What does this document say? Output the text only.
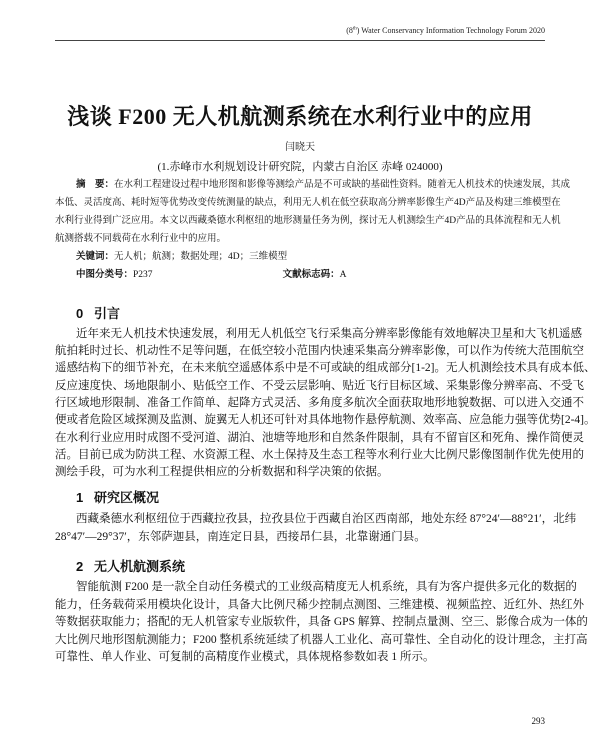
(8th) Water Conservancy Information Technology Forum 2020
浅谈 F200 无人机航测系统在水利行业中的应用
闫晓天
(1.赤峰市水利规划设计研究院，内蒙古自治区 赤峰 024000)
摘　要：在水利工程建设过程中地形图和影像等测绘产品是不可或缺的基础性资料。随着无人机技术的快速发展，其成
本低、灵活度高、耗时短等优势改变传统测量的缺点，利用无人机在低空获取高分辨率影像生产4D产品及构建三维模型在
水利行业得到广泛应用。本文以西藏桑德水利枢纽的地形测量任务为例，探讨无人机测绘生产4D产品的具体流程和无人机
航测搭载不同载荷在水利行业中的应用。
关键词：无人机；航测；数据处理；4D；三维模型
中图分类号：P237	文献标志码：A
0 引言
近年来无人机技术快速发展，利用无人机低空飞行采集高分辨率影像能有效地解决卫星和大飞机遥感
航拍耗时过长、机动性不足等问题，在低空较小范围内快速采集高分辨率影像，可以作为传统大范围航空
遥感结构下的细节补充，在未来航空遥感体系中是不可或缺的组成部分[1-2]。无人机测绘技术具有成本低、
反应速度快、场地限制小、贴低空工作、不受云层影响、贴近飞行目标区域、采集影像分辨率高、不受飞
行区域地形限制、准备工作简单、起降方式灵活、多角度多航次全面获取地形地貌数据、可以进入交通不
便或者危险区域探测及监测、旋翼无人机还可针对具体地物作悬停航测、效率高、应急能力强等优势[2-4]。
在水利行业应用时成图不受河道、湖泊、池塘等地形和自然条件限制，具有不留盲区和死角、操作简便灵
活。目前已成为防洪工程、水资源工程、水土保持及生态工程等水利行业大比例尺影像图制作优先使用的
测绘手段，可为水利工程提供相应的分析数据和科学决策的依据。
1 研究区概况
西藏桑德水利枢纽位于西藏拉孜县，拉孜县位于西藏自治区西南部，地处东经 87°24′—88°21′，北纬
28°47′—29°37′，东邻萨迦县，南连定日县，西接昂仁县，北靠谢通门县。
2 无人机航测系统
智能航测 F200 是一款全自动任务模式的工业级高精度无人机系统，具有为客户提供多元化的数据的
能力，任务载荷采用模块化设计，具备大比例尺稀少控制点测图、三维建模、视频监控、近红外、热红外
等数据获取能力；搭配的无人机管家专业版软件，具备 GPS 解算、控制点量测、空三、影像合成为一体的
大比例尺地形图航测能力；F200 整机系统延续了机器人工业化、高可靠性、全自动化的设计理念，主打高
可靠性、单人作业、可复制的高精度作业模式，具体规格参数如表 1 所示。
293
